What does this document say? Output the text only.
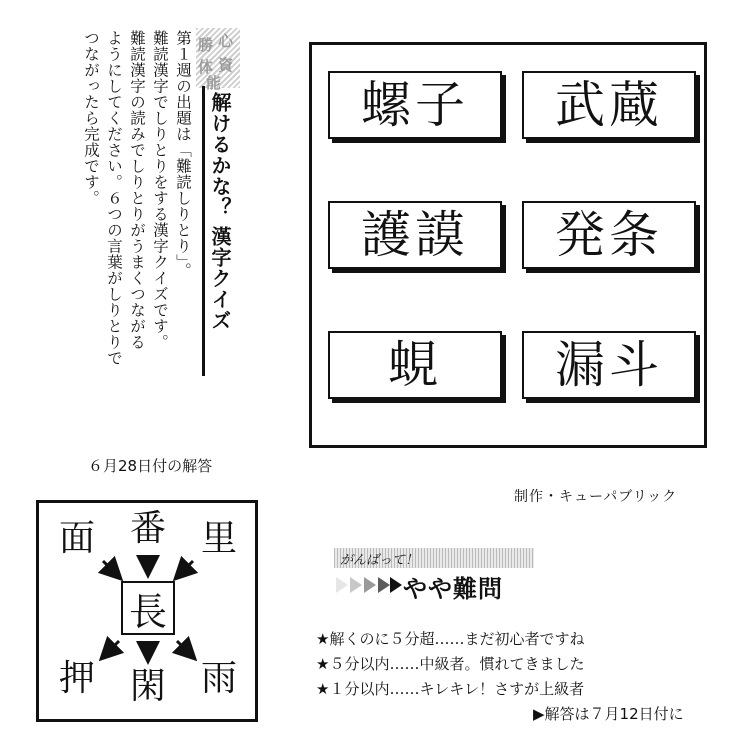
第１週の出題は「難読しりとり」。

難読漢字でしりとりをする漢字クイズです。

難読漢字の読みでしりとりがうまくつながる

ようにしてください。６つの言葉がしりとりで

つながったら完成です。	勝 心
体 資
能
解けるかな？ 漢字クイズ	螺子	武蔵
護謨	発条
蜆	漏斗
６月28日付の解答
面 番 里
長
押 閑 雨
制作・キューパブリック
がんばって！
やや難問
★解くのに５分超……まだ初心者ですね
★５分以内……中級者。慣れてきました
★１分以内……キレキレ！さすが上級者
▶解答は７月12日付に
